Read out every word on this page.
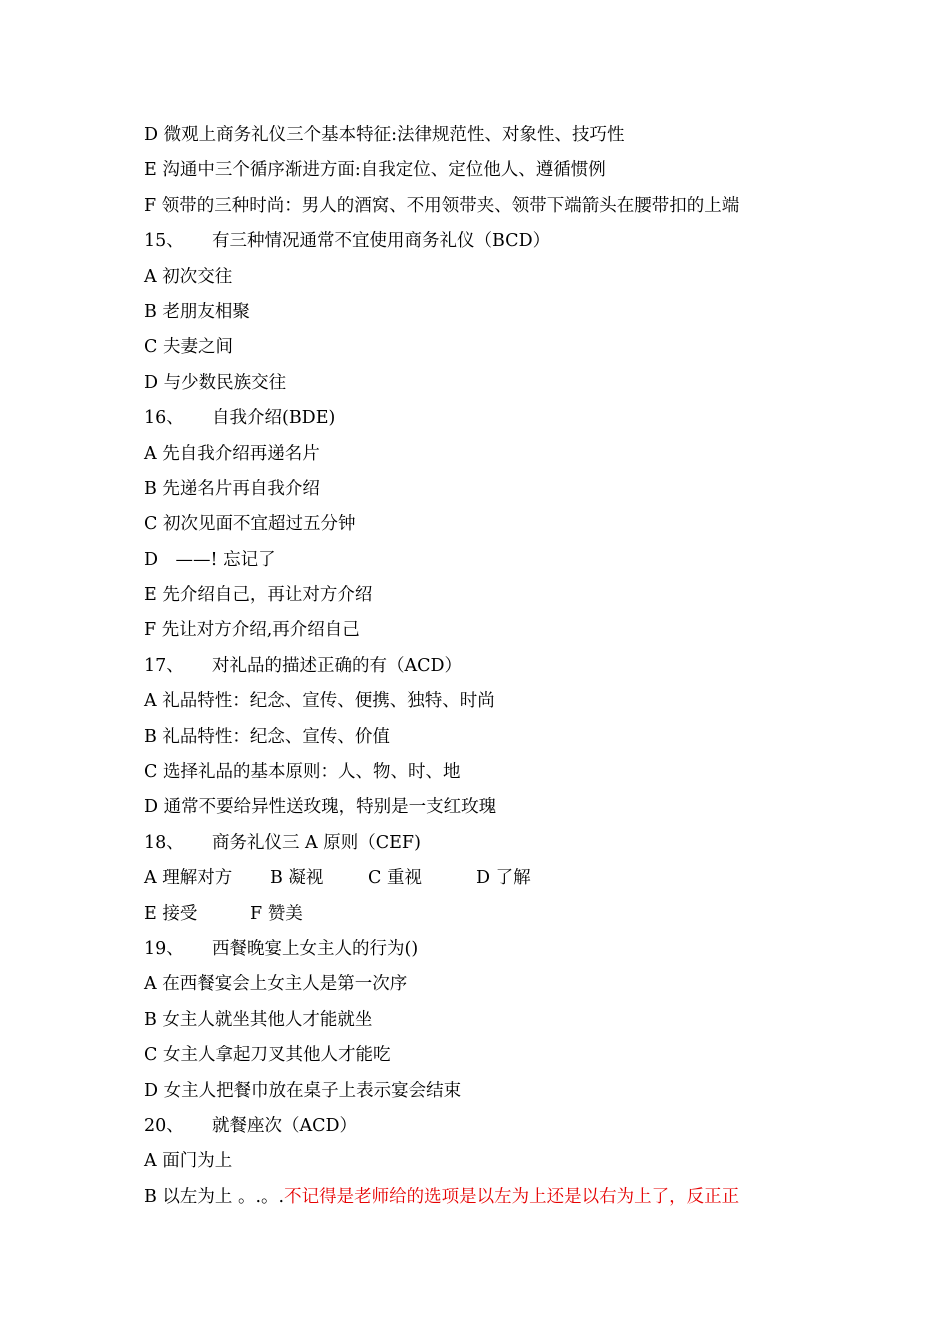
D 微观上商务礼仪三个基本特征:法律规范性、对象性、技巧性
E 沟通中三个循序渐进方面:自我定位、定位他人、遵循惯例
F 领带的三种时尚：男人的酒窝、不用领带夹、领带下端箭头在腰带扣的上端
15、 有三种情况通常不宜使用商务礼仪（BCD）
A 初次交往
B 老朋友相聚
C 夫妻之间
D 与少数民族交往
16、 自我介绍(BDE)
A 先自我介绍再递名片
B 先递名片再自我介绍
C 初次见面不宜超过五分钟
D　——! 忘记了
E 先介绍自己，再让对方介绍
F 先让对方介绍,再介绍自己
17、 对礼品的描述正确的有（ACD）
A 礼品特性：纪念、宣传、便携、独特、时尚
B 礼品特性：纪念、宣传、价值
C 选择礼品的基本原则：人、物、时、地
D 通常不要给异性送玫瑰，特别是一支红玫瑰
18、 商务礼仪三 A 原则（CEF)
A 理解对方 B 凝视	C 重视	D 了解
E 接受	F 赞美
19、 西餐晚宴上女主人的行为()
A 在西餐宴会上女主人是第一次序
B 女主人就坐其他人才能就坐
C 女主人拿起刀叉其他人才能吃
D 女主人把餐巾放在桌子上表示宴会结束
20、 就餐座次（ACD）
A 面门为上
B 以左为上 。.。.不记得是老师给的选项是以左为上还是以右为上了，反正正
